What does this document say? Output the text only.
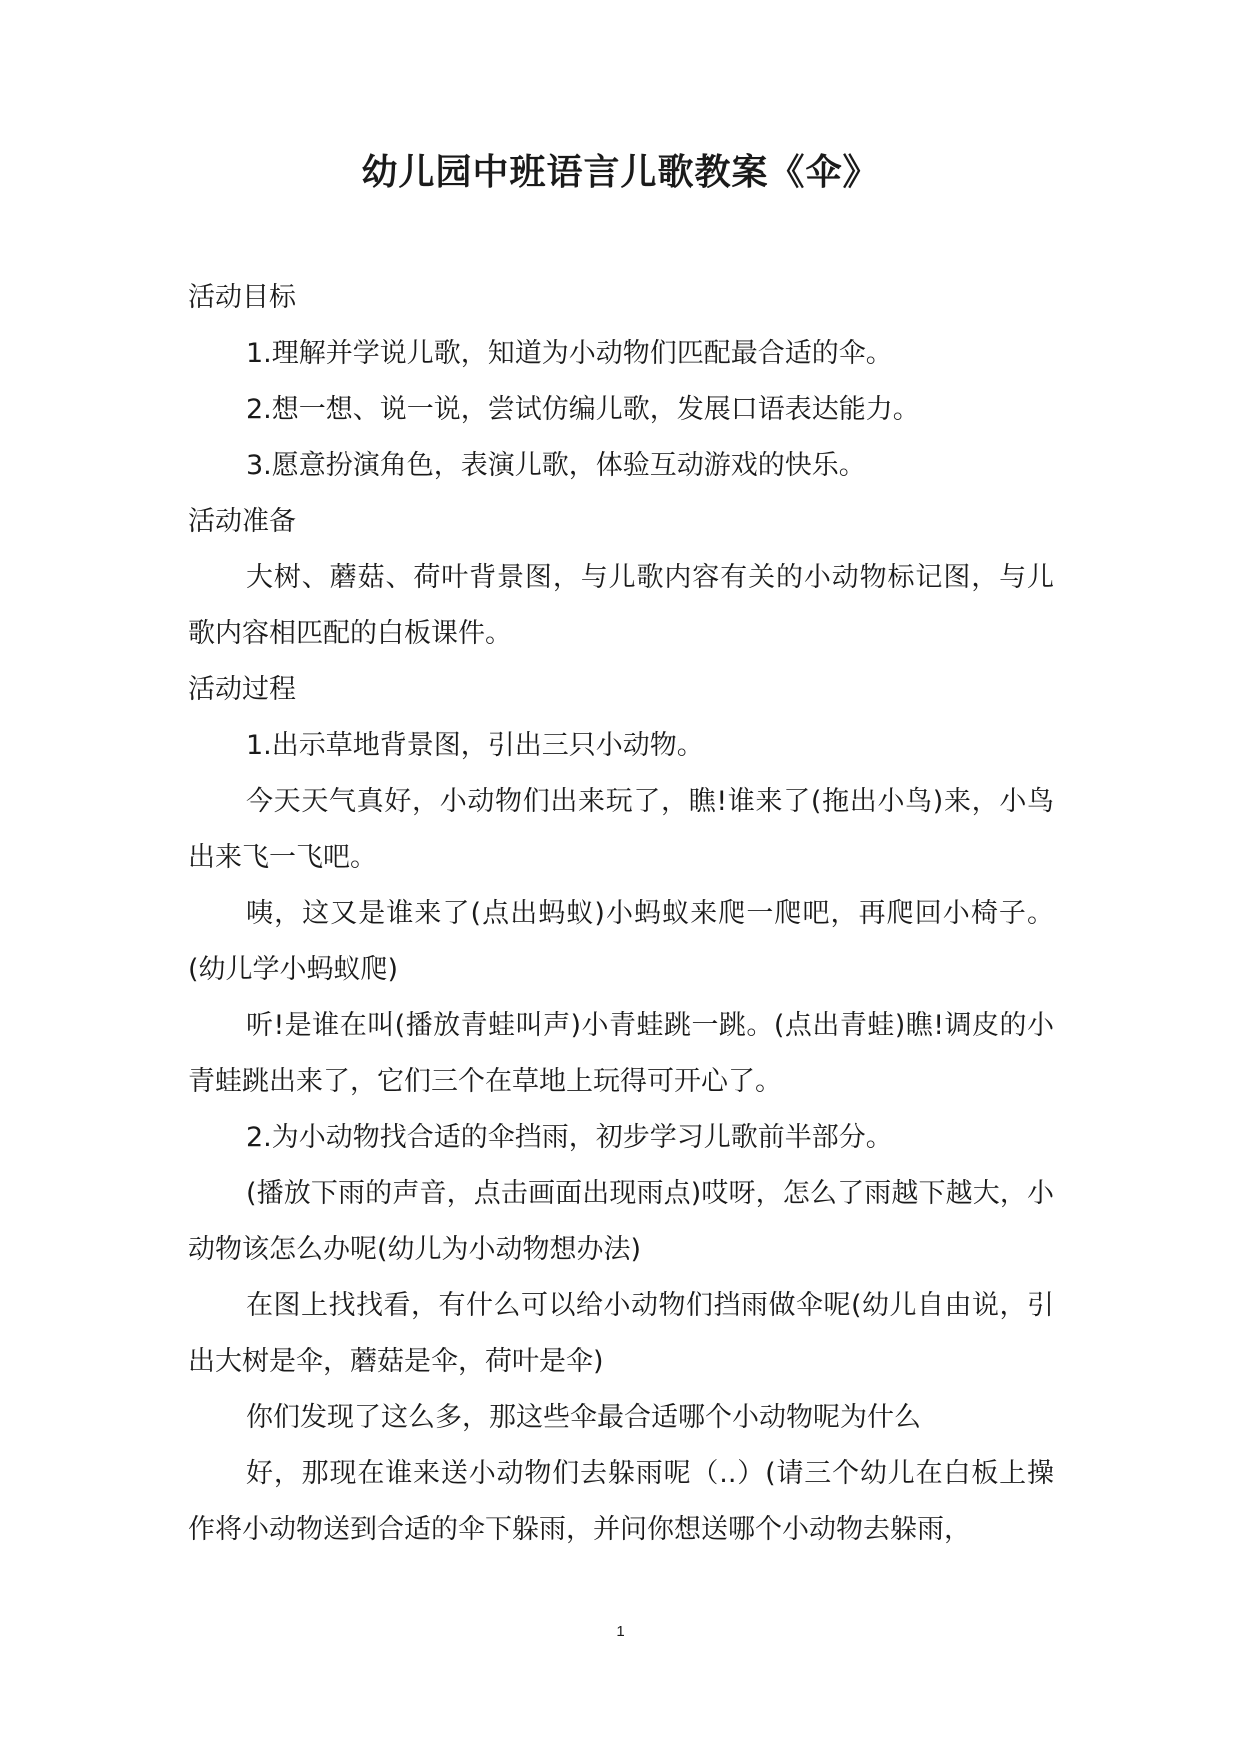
幼儿园中班语言儿歌教案《伞》

活动目标

1.理解并学说儿歌，知道为小动物们匹配最合适的伞。

2.想一想、说一说，尝试仿编儿歌，发展口语表达能力。

3.愿意扮演角色，表演儿歌，体验互动游戏的快乐。

活动准备

大树、蘑菇、荷叶背景图，与儿歌内容有关的小动物标记图，与儿歌内容相匹配的白板课件。

活动过程

1.出示草地背景图，引出三只小动物。

今天天气真好，小动物们出来玩了，瞧!谁来了(拖出小鸟)来，小鸟出来飞一飞吧。

咦，这又是谁来了(点出蚂蚁)小蚂蚁来爬一爬吧，再爬回小椅子。(幼儿学小蚂蚁爬)

听!是谁在叫(播放青蛙叫声)小青蛙跳一跳。(点出青蛙)瞧!调皮的小青蛙跳出来了，它们三个在草地上玩得可开心了。

2.为小动物找合适的伞挡雨，初步学习儿歌前半部分。

(播放下雨的声音，点击画面出现雨点)哎呀，怎么了雨越下越大，小动物该怎么办呢(幼儿为小动物想办法)

在图上找找看，有什么可以给小动物们挡雨做伞呢(幼儿自由说，引出大树是伞，蘑菇是伞，荷叶是伞)

你们发现了这么多，那这些伞最合适哪个小动物呢为什么

好，那现在谁来送小动物们去躲雨呢（..）(请三个幼儿在白板上操作将小动物送到合适的伞下躲雨，并问你想送哪个小动物去躲雨，

1
